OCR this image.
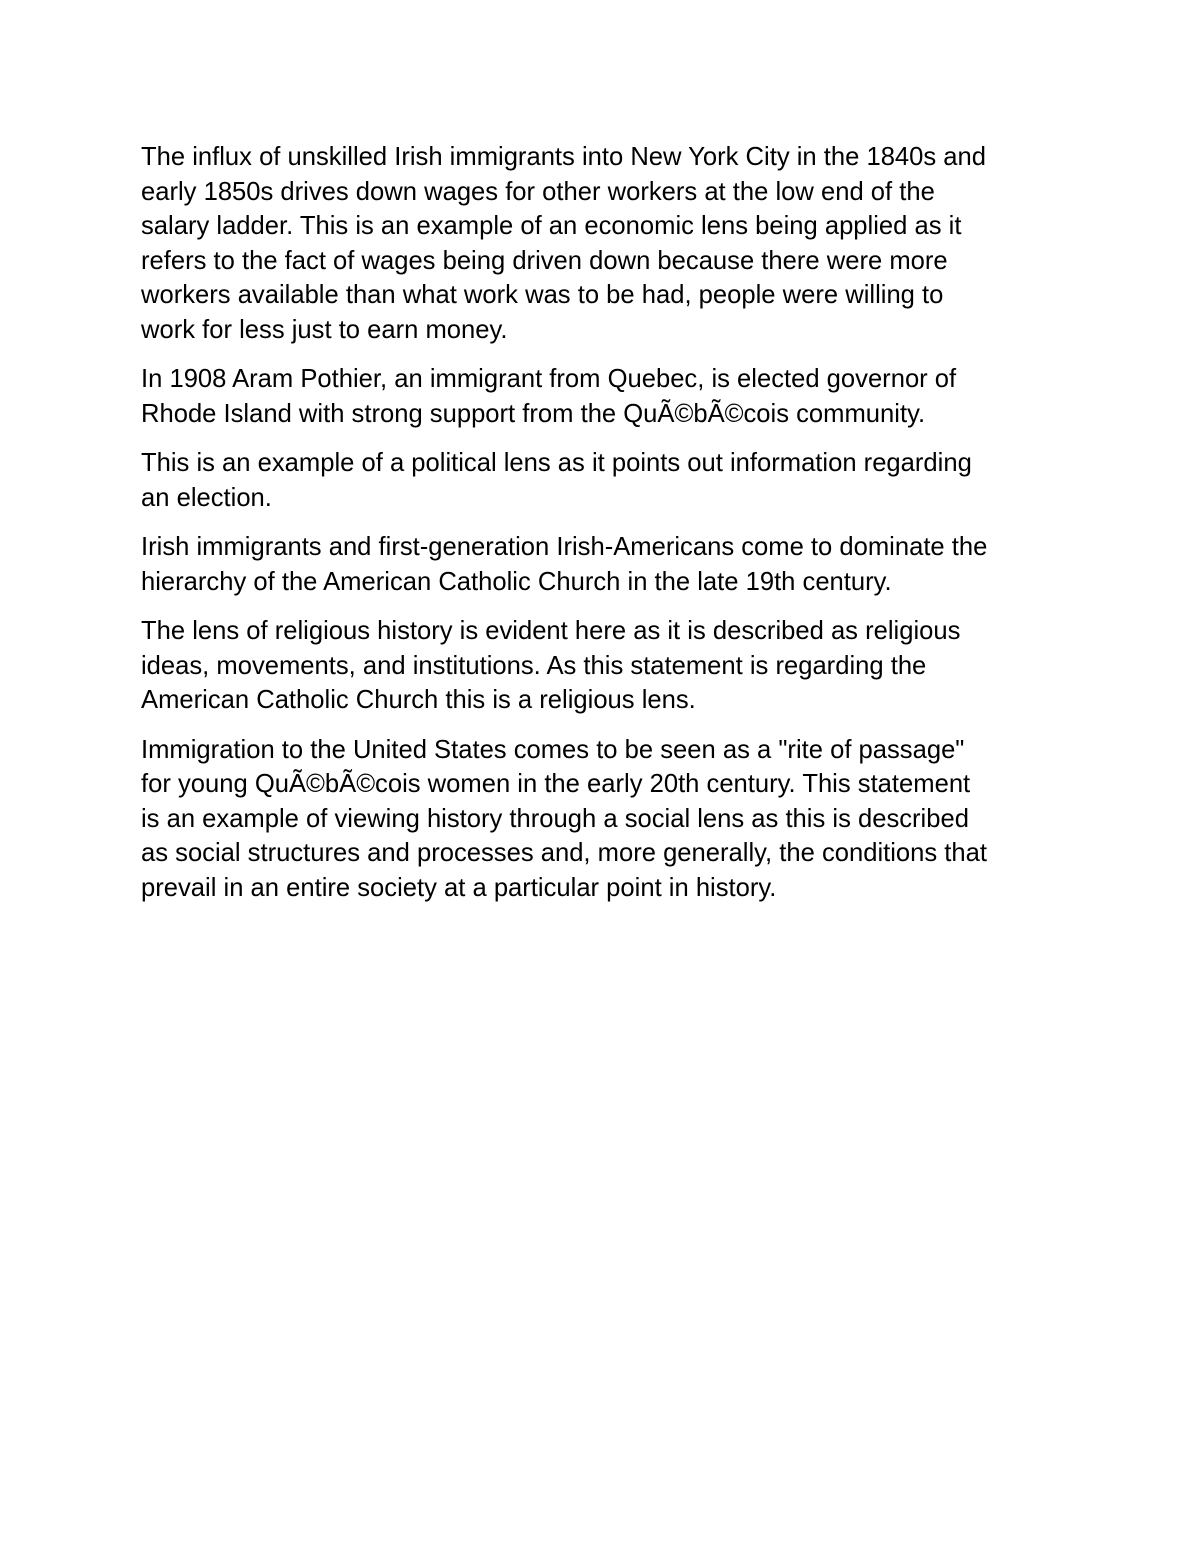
The influx of unskilled Irish immigrants into New York City in the 1840s and
early 1850s drives down wages for other workers at the low end of the
salary ladder. This is an example of an economic lens being applied as it
refers to the fact of wages being driven down because there were more
workers available than what work was to be had, people were willing to
work for less just to earn money.

In 1908 Aram Pothier, an immigrant from Quebec, is elected governor of
Rhode Island with strong support from the QuÃ©bÃ©cois community.

This is an example of a political lens as it points out information regarding
an election.

Irish immigrants and first-generation Irish-Americans come to dominate the
hierarchy of the American Catholic Church in the late 19th century.

The lens of religious history is evident here as it is described as religious
ideas, movements, and institutions. As this statement is regarding the
American Catholic Church this is a religious lens.

Immigration to the United States comes to be seen as a "rite of passage"
for young QuÃ©bÃ©cois women in the early 20th century. This statement
is an example of viewing history through a social lens as this is described
as social structures and processes and, more generally, the conditions that
prevail in an entire society at a particular point in history.
